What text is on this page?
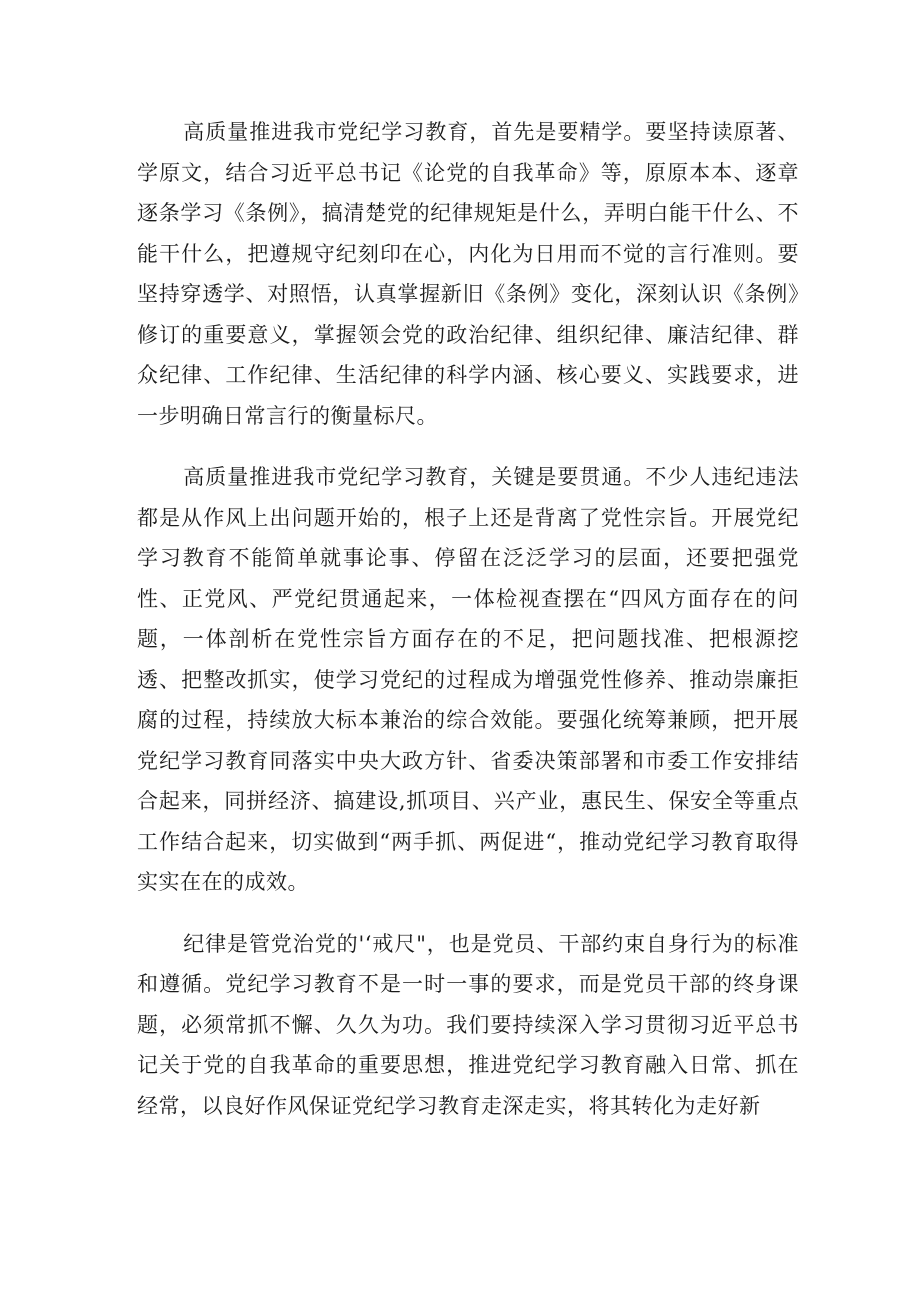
高质量推进我市党纪学习教育，首先是要精学。要坚持读原著、学原文，结合习近平总书记《论党的自我革命》等，原原本本、逐章逐条学习《条例》，搞清楚党的纪律规矩是什么，弄明白能干什么、不能干什么，把遵规守纪刻印在心，内化为日用而不觉的言行准则。要坚持穿透学、对照悟，认真掌握新旧《条例》变化，深刻认识《条例》修订的重要意义，掌握领会党的政治纪律、组织纪律、廉洁纪律、群众纪律、工作纪律、生活纪律的科学内涵、核心要义、实践要求，进一步明确日常言行的衡量标尺。

高质量推进我市党纪学习教育，关键是要贯通。不少人违纪违法都是从作风上出问题开始的，根子上还是背离了党性宗旨。开展党纪学习教育不能简单就事论事、停留在泛泛学习的层面，还要把强党性、正党风、严党纪贯通起来，一体检视查摆在“四风方面存在的问题，一体剖析在党性宗旨方面存在的不足，把问题找准、把根源挖透、把整改抓实，使学习党纪的过程成为增强党性修养、推动崇廉拒腐的过程，持续放大标本兼治的综合效能。要强化统筹兼顾，把开展党纪学习教育同落实中央大政方针、省委决策部署和市委工作安排结合起来，同拼经济、搞建设,抓项目、兴产业，惠民生、保安全等重点工作结合起来，切实做到“两手抓、两促进“，推动党纪学习教育取得实实在在的成效。

纪律是管党治党的'‘戒尺"，也是党员、干部约束自身行为的标准和遵循。党纪学习教育不是一时一事的要求，而是党员干部的终身课题，必须常抓不懈、久久为功。我们要持续深入学习贯彻习近平总书记关于党的自我革命的重要思想，推进党纪学习教育融入日常、抓在经常，以良好作风保证党纪学习教育走深走实，将其转化为走好新
